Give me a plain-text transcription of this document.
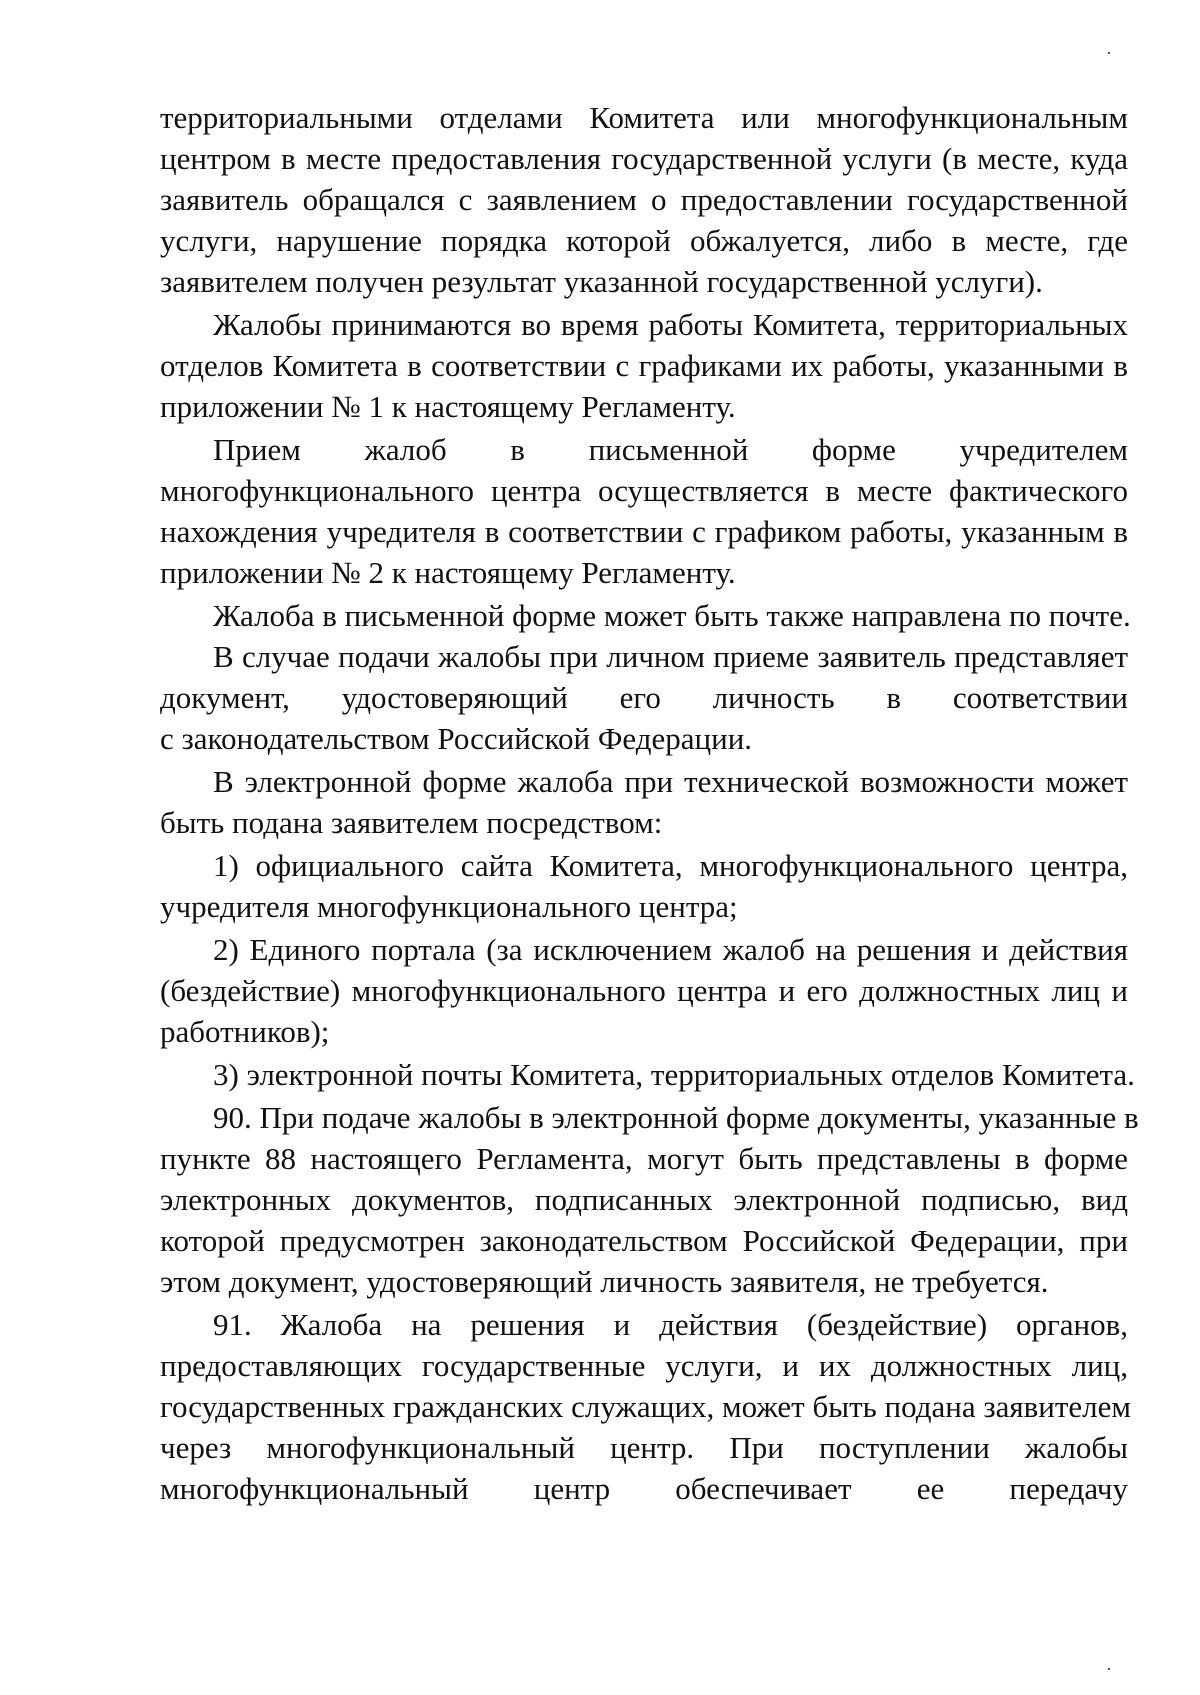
территориальными отделами Комитета или многофункциональным
центром в месте предоставления государственной услуги (в месте, куда
заявитель обращался с заявлением о предоставлении государственной
услуги, нарушение порядка которой обжалуется, либо в месте, где
заявителем получен результат указанной государственной услуги).
Жалобы принимаются во время работы Комитета, территориальных
отделов Комитета в соответствии с графиками их работы, указанными в
приложении № 1 к настоящему Регламенту.
Прием жалоб в письменной форме учредителем
многофункционального центра осуществляется в месте фактического
нахождения учредителя в соответствии с графиком работы, указанным в
приложении № 2 к настоящему Регламенту.
Жалоба в письменной форме может быть также направлена по почте.
В случае подачи жалобы при личном приеме заявитель представляет
документ, удостоверяющий его личность в соответствии
с законодательством Российской Федерации.
В электронной форме жалоба при технической возможности может
быть подана заявителем посредством:
1) официального сайта Комитета, многофункционального центра,
учредителя многофункционального центра;
2) Единого портала (за исключением жалоб на решения и действия
(бездействие) многофункционального центра и его должностных лиц и
работников);
3) электронной почты Комитета, территориальных отделов Комитета.
90. При подаче жалобы в электронной форме документы, указанные в
пункте 88 настоящего Регламента, могут быть представлены в форме
электронных документов, подписанных электронной подписью, вид
которой предусмотрен законодательством Российской Федерации, при
этом документ, удостоверяющий личность заявителя, не требуется.
91. Жалоба на решения и действия (бездействие) органов,
предоставляющих государственные услуги, и их должностных лиц,
государственных гражданских служащих, может быть подана заявителем
через многофункциональный центр. При поступлении жалобы
многофункциональный центр обеспечивает ее передачу
